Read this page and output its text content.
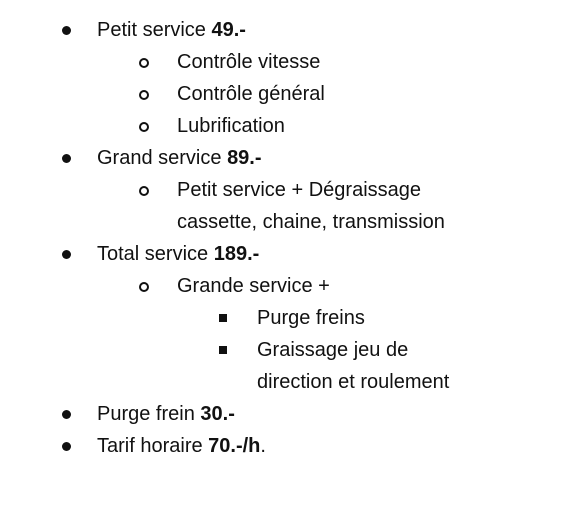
Petit service 49.-
Contrôle vitesse
Contrôle général
Lubrification
Grand service 89.-
Petit service + Dégraissage
cassette, chaine, transmission
Total service 189.-
Grande service +
Purge freins
Graissage jeu de
direction et roulement
Purge frein 30.-
Tarif horaire 70.-/h.
